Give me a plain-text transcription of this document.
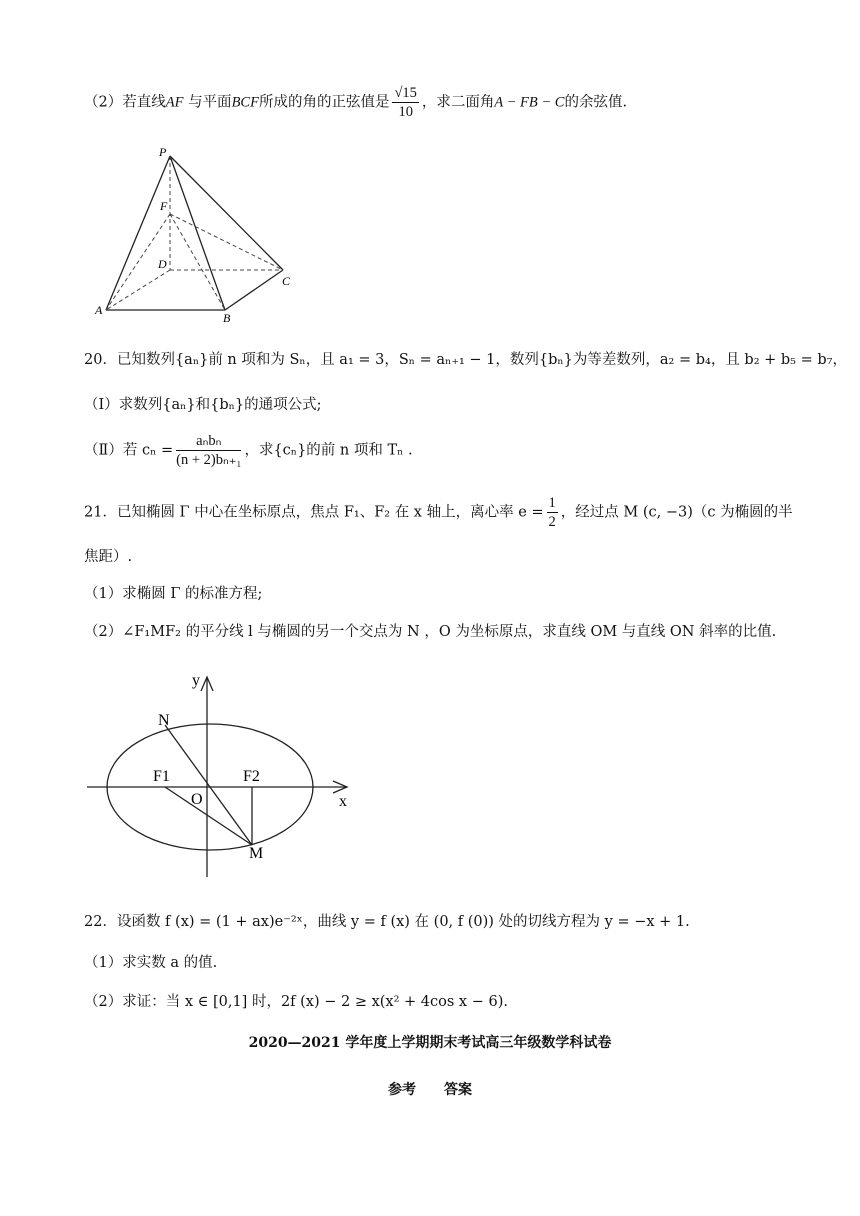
（2）若直线AF 与平面BCF所成的角的正弦值是 $\frac{√15}{10}$ ，求二面角A − FB − C的余弦值.
P
F
D
C
A
B
20．已知数列{aₙ}前 n 项和为 Sₙ，且 a₁ = 3，Sₙ = aₙ₊₁ − 1，数列{bₙ}为等差数列，a₂ = b₄，且 b₂ + b₅ = b₇，
（Ⅰ）求数列{aₙ}和{bₙ}的通项公式;
（Ⅱ）若 $c_n = \frac{\text{aₙbₙ}}{\text{(n + 2)bₙ₊₁}}$ ，求{cₙ}的前 n 项和 Tₙ .
21．已知椭圆 Γ 中心在坐标原点，焦点 F₁、F₂ 在 x 轴上，离心率 $e = \frac{1}{2}$ ，经过点 M (c, −3)（c 为椭圆的半
焦距）.
（1）求椭圆 Γ 的标准方程;
（2）∠F₁MF₂ 的平分线 l 与椭圆的另一个交点为 N ，O 为坐标原点，求直线 OM 与直线 ON 斜率的比值.
y
N
F1	F2
O	x
M
22．设函数 f (x) = (1 + ax)e⁻²ˣ，曲线 y = f (x) 在 (0, f (0)) 处的切线方程为 y = −x + 1.
（1）求实数 a 的值.
（2）求证：当 x ∈ [0,1] 时，2f (x) − 2 ≥ x(x² + 4cos x − 6).
2020—2021 学年度上学期期末考试高三年级数学科试卷
参考　　答案
